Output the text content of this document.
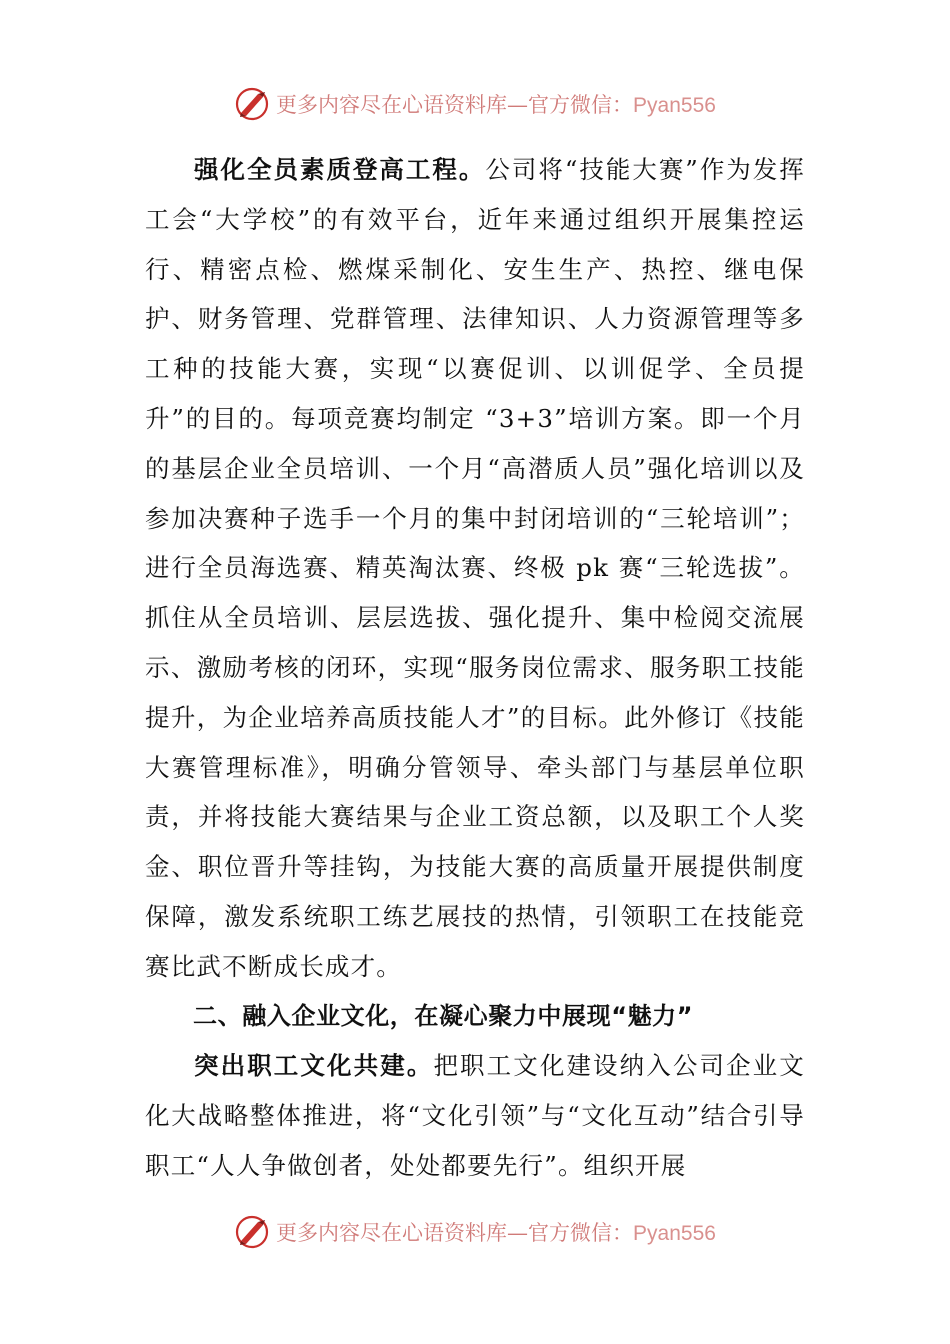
更多内容尽在心语资料库—官方微信：Pyan556

强化全员素质登高工程。公司将“技能大赛”作为发挥工会“大学校”的有效平台，近年来通过组织开展集控运行、精密点检、燃煤采制化、安生生产、热控、继电保护、财务管理、党群管理、法律知识、人力资源管理等多工种的技能大赛，实现“以赛促训、以训促学、全员提升”的目的。每项竞赛均制定 “3+3”培训方案。即一个月的基层企业全员培训、一个月“高潜质人员”强化培训以及参加决赛种子选手一个月的集中封闭培训的“三轮培训”；进行全员海选赛、精英淘汰赛、终极 pk 赛“三轮选拔”。抓住从全员培训、层层选拔、强化提升、集中检阅交流展示、激励考核的闭环，实现“服务岗位需求、服务职工技能提升，为企业培养高质技能人才”的目标。此外修订《技能大赛管理标准》，明确分管领导、牵头部门与基层单位职责，并将技能大赛结果与企业工资总额，以及职工个人奖金、职位晋升等挂钩，为技能大赛的高质量开展提供制度保障，激发系统职工练艺展技的热情，引领职工在技能竞赛比武不断成长成才。

二、融入企业文化，在凝心聚力中展现“魅力”

突出职工文化共建。把职工文化建设纳入公司企业文化大战略整体推进，将“文化引领”与“文化互动”结合引导职工“人人争做创者，处处都要先行”。组织开展

更多内容尽在心语资料库—官方微信：Pyan556
